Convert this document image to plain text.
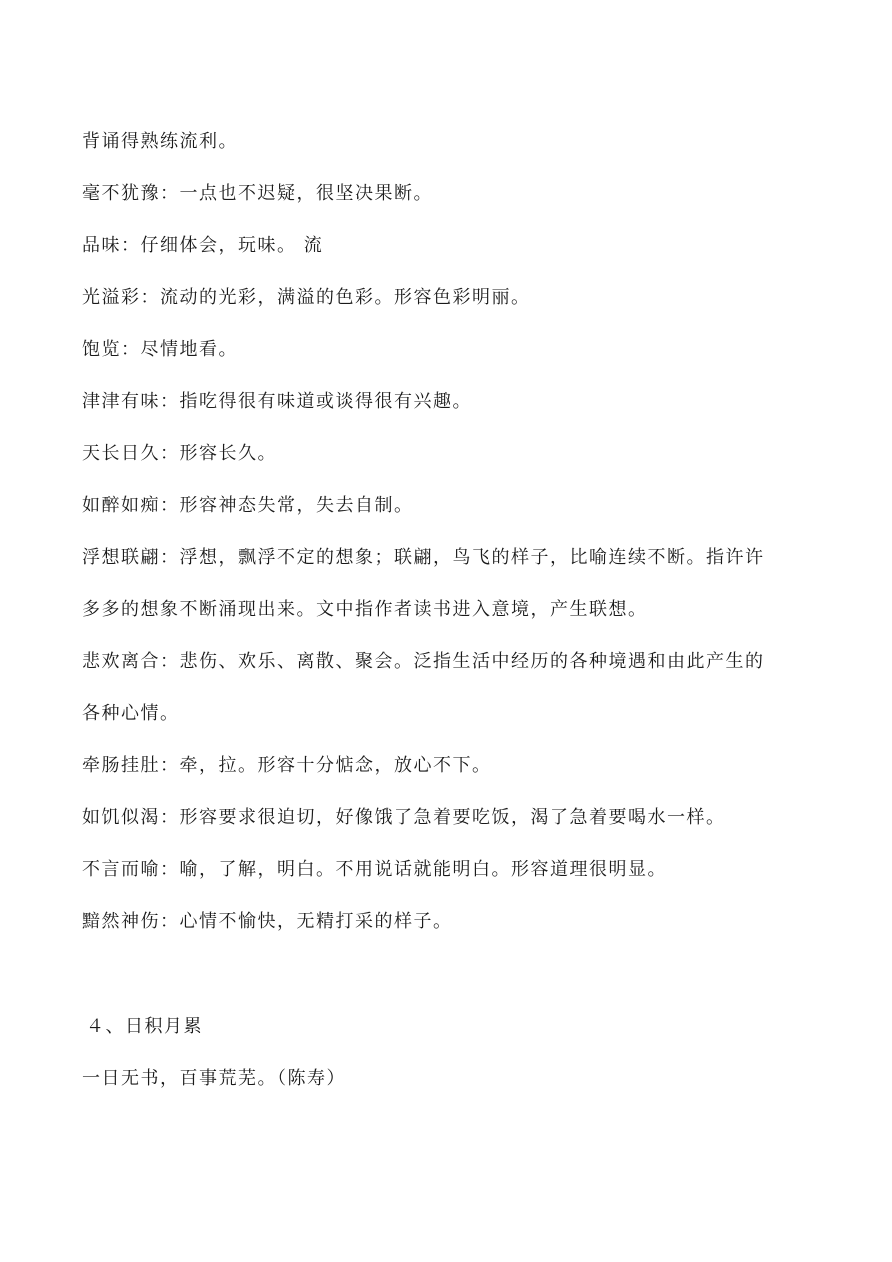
背诵得熟练流利。
毫不犹豫：一点也不迟疑，很坚决果断。
品味：仔细体会，玩味。 流
光溢彩：流动的光彩，满溢的色彩。形容色彩明丽。
饱览：尽情地看。
津津有味：指吃得很有味道或谈得很有兴趣。
天长日久：形容长久。
如醉如痴：形容神态失常，失去自制。
浮想联翩：浮想，飘浮不定的想象；联翩，鸟飞的样子，比喻连续不断。指许许
多多的想象不断涌现出来。文中指作者读书进入意境，产生联想。
悲欢离合：悲伤、欢乐、离散、聚会。泛指生活中经历的各种境遇和由此产生的
各种心情。
牵肠挂肚：牵，拉。形容十分惦念，放心不下。
如饥似渴：形容要求很迫切，好像饿了急着要吃饭，渴了急着要喝水一样。
不言而喻：喻，了解，明白。不用说话就能明白。形容道理很明显。
黯然神伤：心情不愉快，无精打采的样子。
４、日积月累
一日无书，百事荒芜。（陈寿）
